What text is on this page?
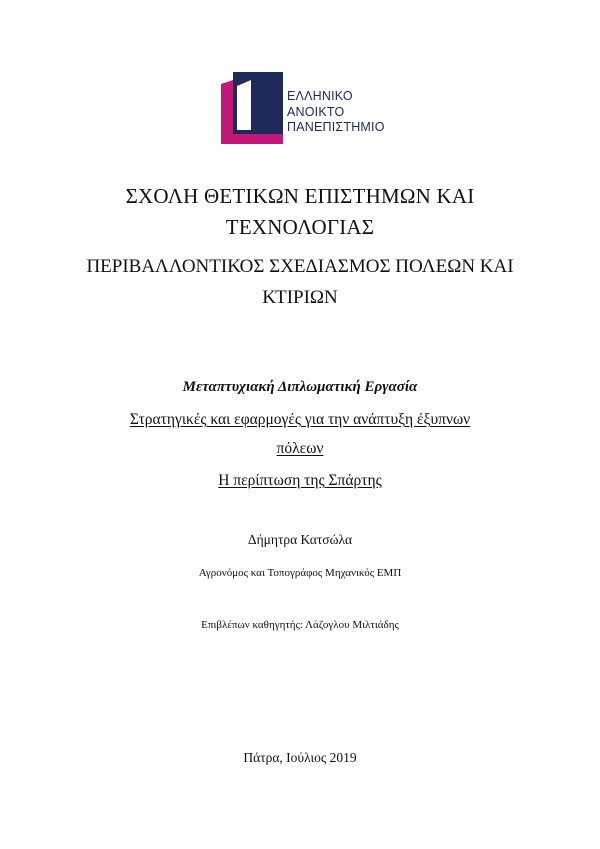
ΕΛΛΗΝΙΚΟ
ΑΝΟΙΚΤΟ
ΠΑΝΕΠΙΣΤΗΜΙΟ
ΣΧΟΛΗ ΘΕΤΙΚΩΝ ΕΠΙΣΤΗΜΩΝ ΚΑΙ
ΤΕΧΝΟΛΟΓΙΑΣ
ΠΕΡΙΒΑΛΛΟΝΤΙΚΟΣ ΣΧΕΔΙΑΣΜΟΣ ΠΟΛΕΩΝ ΚΑΙ
ΚΤΙΡΙΩΝ
Μεταπτυχιακή Διπλωματική Εργασία
Στρατηγικές και εφαρμογές για την ανάπτυξη έξυπνων
πόλεων
Η περίπτωση της Σπάρτης
Δήμητρα Κατσώλα
Αγρονόμος και Τοπογράφος Μηχανικός ΕΜΠ
Επιβλέπων καθηγητής: Λάζογλου Μιλτιάδης
Πάτρα, Ιούλιος 2019
